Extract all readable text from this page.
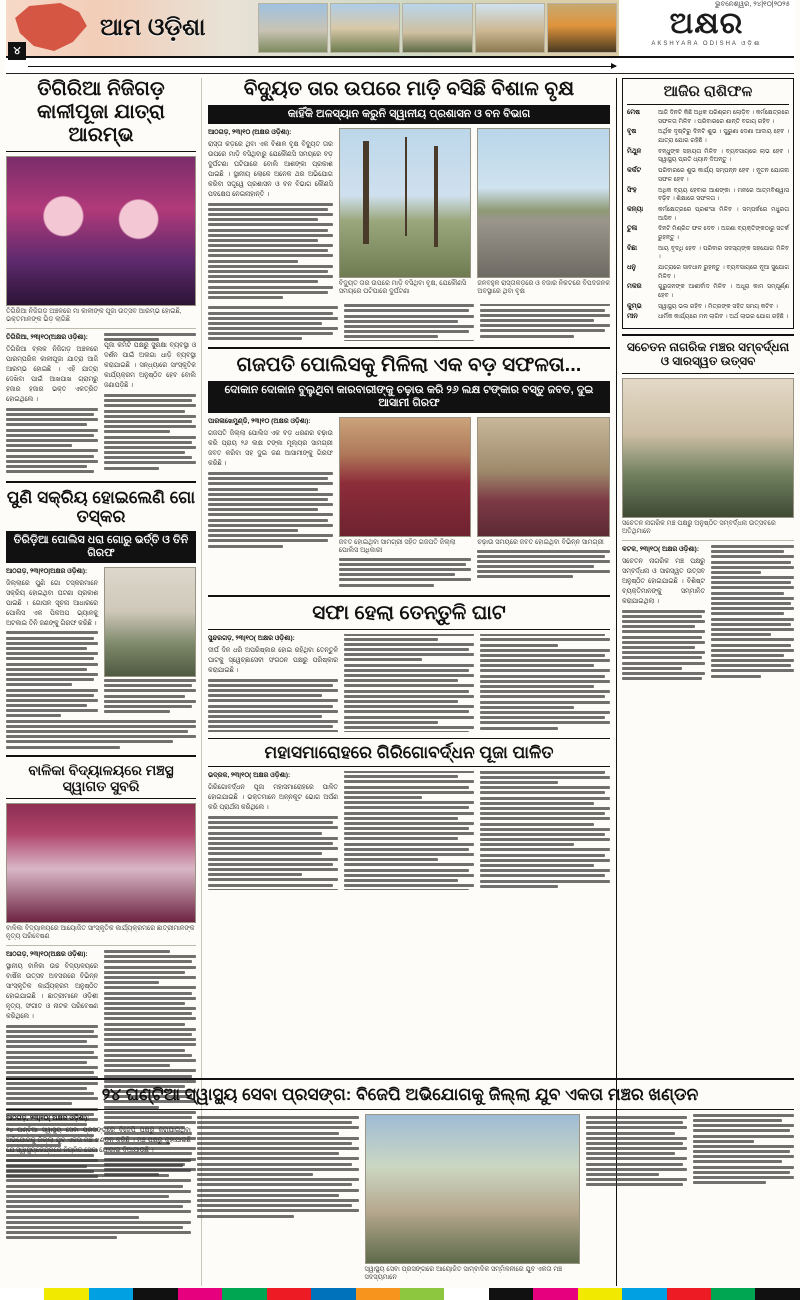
ଆମ ଓଡ଼ିଶା
ଭୁବନେଶ୍ୱର, ୨୪|୧୦|୨୦୨୫
ଅକ୍ଷର
AKSHYARA ODISHA ଓଡ଼ିଶା
୪
ତିଗିରିଆ ନିଜିଗଡ଼ କାଳୀପୂଜା ଯାତ୍ରା ଆରମ୍ଭ
ତିଗିରିଆ ନିଜିଗଡ଼ ଅଞ୍ଚଳରେ ମା କାଳୀଙ୍କ ପୂଜା ଉତ୍ସବ ଆରମ୍ଭ ହୋଇଛି, ଭକ୍ତମାନଙ୍କ ଭିଡ଼ ଲାଗିଛି
ତିଗିରିଆ, ୨୩|୧୦(ଅକ୍ଷର ଓଡ଼ିଶା):

ତିଗିରିଆ ବ୍ଲକ ନିଜିଗଡ଼ ଅଞ୍ଚଳରେ ପାରମ୍ପରିକ କାଳୀପୂଜା ଯାତ୍ରା ଆଜି ଆରମ୍ଭ ହୋଇଛି । ଏହି ଯାତ୍ରା ଦେଖିବା ପାଇଁ ଆଖପାଖ ଗ୍ରାମରୁ ହଜାର ହଜାର ଭକ୍ତ ଏକତ୍ରିତ ହୋଇଥିଲେ ।

ପୂଜା କମିଟି ପକ୍ଷରୁ ସୁରକ୍ଷା ବ୍ୟବସ୍ଥା ଓ ଦର୍ଶନ ପାଇଁ ଅଲଗା ଧାଡ଼ି ବ୍ୟବସ୍ଥା କରାଯାଇଛି । ସନ୍ଧ୍ୟାରେ ସାଂସ୍କୃତିକ କାର୍ଯ୍ୟକ୍ରମ ଅନୁଷ୍ଠିତ ହେବ ବୋଲି ଜଣାପଡ଼ିଛି ।

ପୁଣି ସକ୍ରିୟ ହୋଇଲେଣି ଗୋ ତସ୍କର
ତିରିଡ଼ିଆ ପୋଲିସ ଧରା ଗୋରୁ ଭର୍ତ୍ତି ଓ ତିନି ଗିରଫ
ଆଠଗଡ଼, ୨୩|୧୦|ଅକ୍ଷର ଓଡ଼ିଶା):

ଜିଲ୍ଲାରେ ପୁଣି ଗୋ ତସ୍କରମାନେ ସକ୍ରିୟ ହୋଇଥିବା ଘଟଣା ପ୍ରକାଶ ପାଇଛି । ଗୋପନ ସୂଚନା ଆଧାରରେ ପୋଲିସ ଏକ ପିକଅପ ଭ୍ୟାନକୁ ଅଟକାଇ ତିନି ଜଣଙ୍କୁ ଗିରଫ କରିଛି ।

ବାଳିକା ବିଦ୍ୟାଳୟରେ ମଞ୍ଚସ୍ଥ ସ୍ୱାଗତ ସୁବରି
ବାଳିକା ବିଦ୍ୟାଳୟରେ ଆୟୋଜିତ ସାଂସ୍କୃତିକ କାର୍ଯ୍ୟକ୍ରମରେ ଛାତ୍ରୀମାନଙ୍କ ନୃତ୍ୟ ପରିବେଷଣ
ଆଠଗଡ଼, ୨୩|୧୦(ଅକ୍ଷର ଓଡ଼ିଶା):

ସ୍ଥାନୀୟ ବାଳିକା ଉଚ୍ଚ ବିଦ୍ୟାଳୟରେ ବାର୍ଷିକ ଉତ୍ସବ ଅବସରରେ ବିଭିନ୍ନ ସାଂସ୍କୃତିକ କାର୍ଯ୍ୟକ୍ରମ ଅନୁଷ୍ଠିତ ହୋଇଯାଇଛି । ଛାତ୍ରୀମାନେ ଓଡ଼ିଶୀ ନୃତ୍ୟ, ସଂଗୀତ ଓ ନାଟକ ପରିବେଷଣ କରିଥିଲେ ।

ବିଦ୍ୟୁତ ତାର ଉପରେ ମାଡ଼ି ବସିଛି ବିଶାଳ ବୃକ୍ଷ
କାହିଁକି ଅଳସ୍ୟାନ କରୁନି ସ୍ୱାନୀୟ ପ୍ରଶାସନ ଓ ବନ ବିଭାଗ
ଆଠଗଡ଼, ୨୩|୧୦ (ଅକ୍ଷର ଓଡ଼ିଶା):

ରାସ୍ତା କଡ଼ରେ ଥିବା ଏକ ବିଶାଳ ବୃକ୍ଷ ବିଦ୍ୟୁତ ତାର ଉପରେ ମାଡ଼ି ବସିଥିବାରୁ ଯେକୌଣସି ସମୟରେ ବଡ଼ ଦୁର୍ଘଟଣା ଘଟିପାରେ ବୋଲି ଆଶଙ୍କା ପ୍ରକାଶ ପାଇଛି । ସ୍ଥାନୀୟ ଲୋକେ ଅନେକ ଥର ଅଭିଯୋଗ କରିବା ସତ୍ତ୍ୱେ ପ୍ରଶାସନ ଓ ବନ ବିଭାଗ କୌଣସି ପଦକ୍ଷେପ ନେଇନାହାନ୍ତି ।

ବିଦ୍ୟୁତ ତାର ଉପରେ ମାଡ଼ି ବସିଥିବା ବୃକ୍ଷ, ଯେକୌଣସି ସମୟରେ ଘଟିପାରେ ଦୁର୍ଘଟଣା
ଜନବହୁଳ ରାସ୍ତାକଡ଼ରେ ଓ ବଜାର ନିକଟରେ ବିପଦଜନକ ଅବସ୍ଥାରେ ଥିବା ବୃକ୍ଷ
ଗଜପତି ପୋଲିସକୁ ମିଳିଲା ଏକ ବଡ଼ ସଫଳତା...
ଦୋକାନ ଦୋକାନ ବୁଲୁଥିବା କାରବାରୀଙ୍କୁ ଚଢ଼ାଉ କରି ୨୬ ଲକ୍ଷ ଟଙ୍କାର ବସ୍ତୁ ଜବତ, ଦୁଇ ଆସାମୀ ଗିରଫ
ପାରଳାଖେମୁଣ୍ଡି, ୨୩|୧୦ (ଅକ୍ଷର ଓଡ଼ିଶା):

ଗଜପତି ଜିଲ୍ଲା ପୋଲିସ ଏକ ବଡ଼ ଧରଣର ଚଢ଼ାଉ କରି ପ୍ରାୟ ୨୬ ଲକ୍ଷ ଟଙ୍କା ମୂଲ୍ୟର ସାମଗ୍ରୀ ଜବତ କରିବା ସହ ଦୁଇ ଜଣ ଆସାମୀଙ୍କୁ ଗିରଫ କରିଛି ।

ଜବତ ହୋଇଥିବା ସାମଗ୍ରୀ ସହିତ ଗଜପତି ଜିଲ୍ଲା ପୋଲିସ ଅଧିକାରୀ
ଚଢ଼ାଉ ସମୟରେ ଜବତ ହୋଇଥିବା ବିଭିନ୍ନ ସାମଗ୍ରୀ
ସଫା ହେଲା ତେନ୍ତୁଳି ଘାଟ
ସୁନ୍ଦରଗଡ଼, ୨୩|୧୦( ଅକ୍ଷର ଓଡ଼ିଶା):

ଦୀର୍ଘ ଦିନ ଧରି ଅପରିଷ୍କାର ହୋଇ ରହିଥିବା ତେନ୍ତୁଳି ଘାଟକୁ ସ୍ୱେଚ୍ଛାସେବୀ ସଂଗଠନ ପକ୍ଷରୁ ପରିଷ୍କାର କରାଯାଇଛି ।

ମହାସମାରୋହରେ ଗିରିଗୋବର୍ଦ୍ଧନ ପୂଜା ପାଳିତ
ଭଦ୍ରକ, ୨୩|୧୦( ଅକ୍ଷର ଓଡ଼ିଶା):

ଗିରିଗୋବର୍ଦ୍ଧନ ପୂଜା ମହାସମାରୋହରେ ପାଳିତ ହୋଇଯାଇଛି । ଭକ୍ତମାନେ ଅନ୍ନକୂଟ ଭୋଗ ଅର୍ପଣ କରି ପ୍ରାର୍ଥନା କରିଥିଲେ ।

ଆଜିର ରାଶିଫଳ
ମେଷ	ଆଜି ଦିନଟି କିଛି ଅଧିକ ପରିଶ୍ରମ ଲୋଡ଼ିବ । କର୍ମକ୍ଷେତ୍ରରେ ସଫଳତା ମିଳିବ । ପରିବାରରେ ଶାନ୍ତି ବଜାୟ ରହିବ ।
ବୃଷ	ଅର୍ଥିକ ଦୃଷ୍ଟିରୁ ଦିନଟି ଶୁଭ । ପୁରୁଣା ଦେଣା ଆଦାୟ ହେବ । ଯାତ୍ରା ଯୋଗ ରହିଛି ।
ମିଥୁନ	ବନ୍ଧୁଙ୍କ ସହାୟତା ମିଳିବ । ବ୍ୟବସାୟରେ ଲାଭ ହେବ । ସ୍ୱାସ୍ଥ୍ୟ ପ୍ରତି ଧ୍ୟାନ ଦିଅନ୍ତୁ ।
କର୍କଟ	ପରିବାରରେ ଶୁଭ କାର୍ଯ୍ୟ ସମ୍ପନ୍ନ ହେବ । ନୂତନ ଯୋଜନା ସଫଳ ହେବ ।
ସିଂହ	ଅଧିକ ବ୍ୟୟ ହେବାର ଆଶଙ୍କା । ମନରେ ଆତ୍ମବିଶ୍ୱାସ ବଢ଼ିବ । ଶିକ୍ଷାରେ ସଫଳତା ।
କନ୍ୟା	କର୍ମକ୍ଷେତ୍ରରେ ପ୍ରଶଂସା ମିଳିବ । ସମ୍ପର୍କରେ ମଧୁରତା ଆସିବ ।
ତୁଳା	ଦିନଟି ମିଶ୍ରିତ ଫଳ ଦେବ । ଅଜଣା ବ୍ୟକ୍ତିଙ୍କଠାରୁ ସତର୍କ ରୁହନ୍ତୁ ।
ବିଛା	ଆୟ ବୃଦ୍ଧି ହେବ । ପରିବାର ସଦସ୍ୟଙ୍କ ସହଯୋଗ ମିଳିବ ।
ଧନୁ	ଯାତ୍ରାରେ ସାବଧାନ ରୁହନ୍ତୁ । ବ୍ୟବସାୟରେ ନୂଆ ସୁଯୋଗ ମିଳିବ ।
ମକର	ଗୁରୁଜନଙ୍କ ଆଶୀର୍ବାଦ ମିଳିବ । ଅଧୂରା କାମ ସମ୍ପୂର୍ଣ୍ଣ ହେବ ।
କୁମ୍ଭ	ସ୍ୱାସ୍ଥ୍ୟ ଭଲ ରହିବ । ମିତ୍ରଙ୍କ ସହିତ ସମୟ କଟିବ ।
ମୀନ	ଧାର୍ମିକ କାର୍ଯ୍ୟରେ ମନ ଲାଗିବ । ଅର୍ଥ ଲାଭର ଯୋଗ ରହିଛି ।
ସଚେତନ ନାଗରିକ ମଞ୍ଚର ସମ୍ବର୍ଦ୍ଧନା ଓ ସାରସ୍ୱତ ଉତ୍ସବ
ସଚେତନ ନାଗରିକ ମଞ୍ଚ ପକ୍ଷରୁ ଅନୁଷ୍ଠିତ ସମ୍ବର୍ଦ୍ଧନା ଉତ୍ସବରେ ଅତିଥିମାନେ
କଟକ, ୨୩|୧୦( ଅକ୍ଷର ଓଡ଼ିଶା):

ସଚେତନ ନାଗରିକ ମଞ୍ଚ ପକ୍ଷରୁ ସମ୍ବର୍ଦ୍ଧନା ଓ ସାରସ୍ୱତ ଉତ୍ସବ ଅନୁଷ୍ଠିତ ହୋଇଯାଇଛି । ବିଶିଷ୍ଟ ବ୍ୟକ୍ତିମାନଙ୍କୁ ସମ୍ମାନିତ କରାଯାଇଥିଲା ।

୨୪ ଘଣ୍ଟିଆ ସ୍ୱାସ୍ଥ୍ୟ ସେବା ପ୍ରସଙ୍ଗ: ବିଜେପି ଅଭିଯୋଗକୁ ଜିଲ୍ଲା ଯୁବ ଏକତା ମଞ୍ଚର ଖଣ୍ଡନ
ଆଠଗଡ଼, ୨୩|୧୦( ଅକ୍ଷର ଓଡ଼ିଶା):

୨୪ ଘଣ୍ଟିଆ ସ୍ୱାସ୍ଥ୍ୟ ସେବା ପ୍ରସଙ୍ଗରେ ବିଜେପି ପକ୍ଷରୁ କରାଯାଇଥିବା ଅଭିଯୋଗକୁ ଜିଲ୍ଲା ଯୁବ ଏକତା ମଞ୍ଚ ଖଣ୍ଡନ କରିଛି । ମଞ୍ଚ ପକ୍ଷରୁ କୁହାଯାଇଛି ଯେ ସ୍ୱାସ୍ଥ୍ୟକେନ୍ଦ୍ରରେ ନିୟମିତ ସେବା ଯୋଗାଇ ଦିଆଯାଉଛି ।

ସ୍ୱାସ୍ଥ୍ୟ ସେବା ପ୍ରସଙ୍ଗରେ ଆୟୋଜିତ ସାମ୍ବାଦିକ ସମ୍ମିଳନୀରେ ଯୁବ ଏକତା ମଞ୍ଚ ସଦସ୍ୟମାନେ
